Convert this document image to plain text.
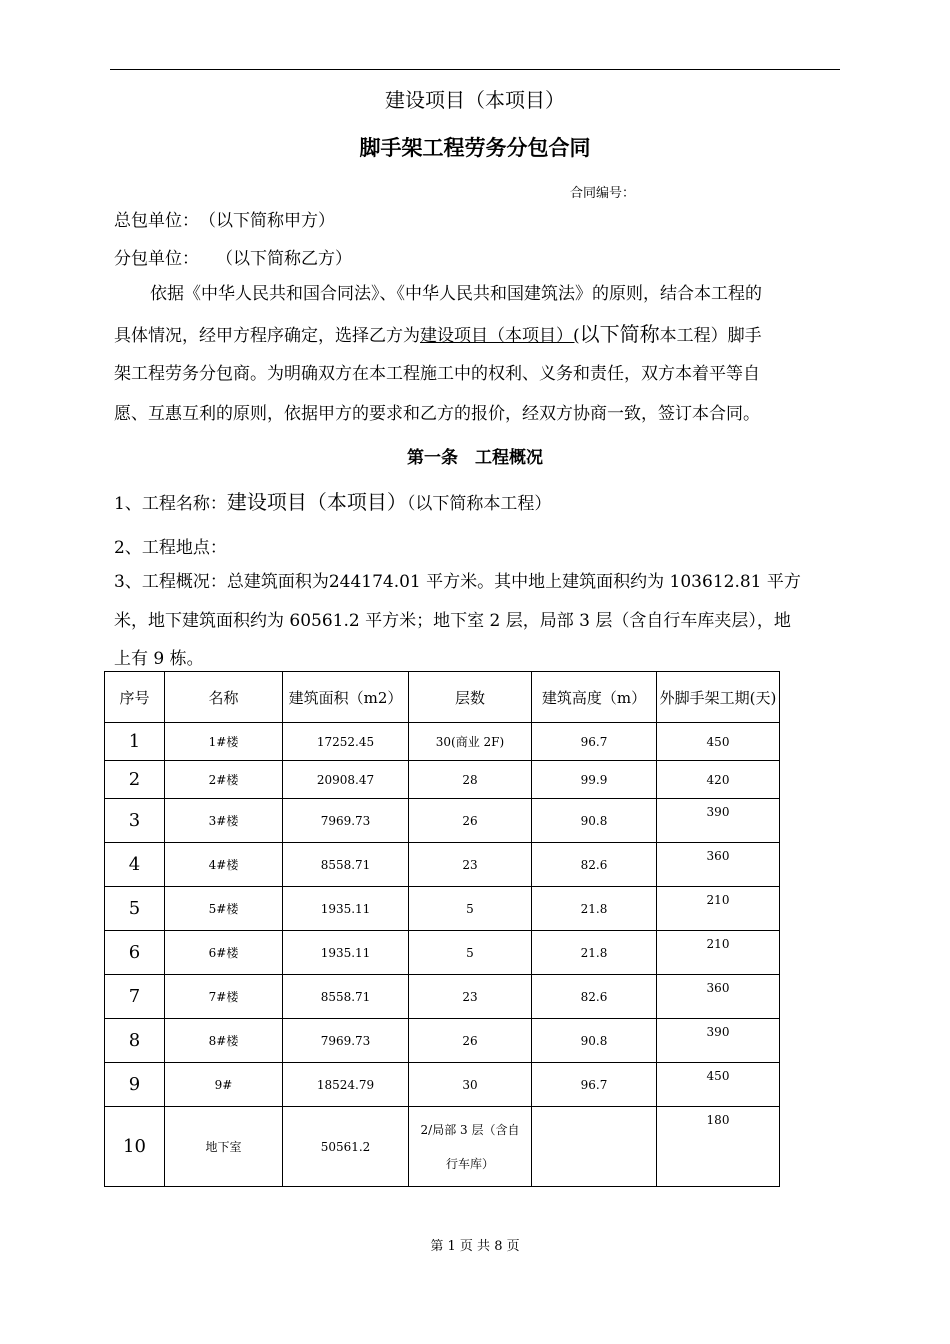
建设项目（本项目）
脚手架工程劳务分包合同
合同编号：
总包单位：　（以下简称甲方）
分包单位：　　（以下简称乙方）

依据《中华人民共和国合同法》、《中华人民共和国建筑法》的原则，结合本工程的

具体情况，经甲方程序确定，选择乙方为建设项目（本项目）(以下简称本工程）脚手

架工程劳务分包商。为明确双方在本工程施工中的权利、义务和责任，双方本着平等自

愿、互惠互利的原则，依据甲方的要求和乙方的报价，经双方协商一致，签订本合同。

第一条　工程概况
1、工程名称：建设项目（本项目）（以下简称本工程）
2、工程地点：
3、工程概况：总建筑面积为244174.01 平方米。其中地上建筑面积约为 103612.81 平方
米，地下建筑面积约为 60561.2 平方米；地下室 2 层，局部 3 层（含自行车库夹层），地
上有 9 栋。
序号	名称	建筑面积（m2）	层数	建筑高度（m）	外脚手架工期(天)
1	1#楼	17252.45	30(商业 2F)	96.7	450
2	2#楼	20908.47	28	99.9	420
3	3#楼	7969.73	26	90.8	390
4	4#楼	8558.71	23	82.6	360
5	5#楼	1935.11	5	21.8	210
6	6#楼	1935.11	5	21.8	210
7	7#楼	8558.71	23	82.6	360
8	8#楼	7969.73	26	90.8	390
9	9#	18524.79	30	96.7	450
10	地下室	50561.2	2/局部 3 层（含自
行车库）		180
第 1 页 共 8 页
